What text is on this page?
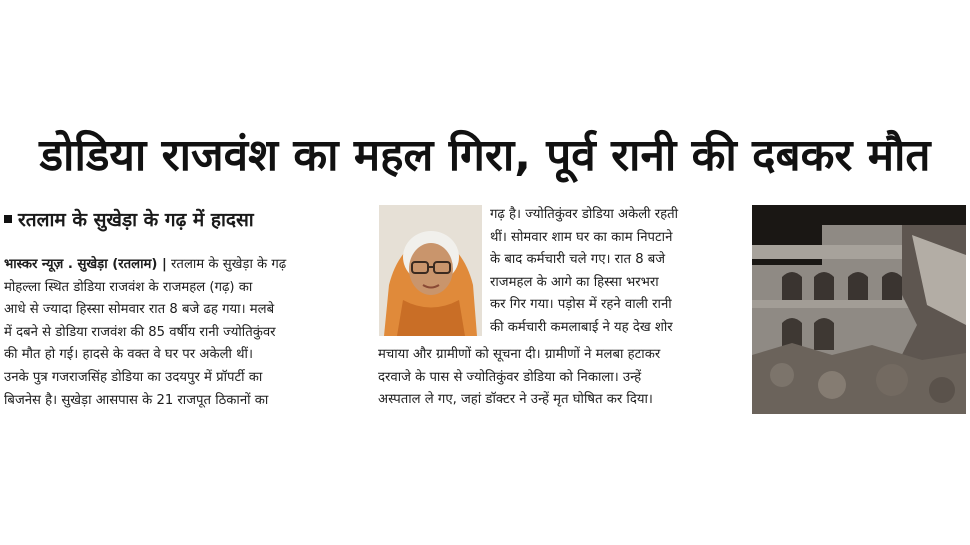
डोडिया राजवंश का महल गिरा, पूर्व रानी की दबकर मौत
रतलाम के सुखेड़ा के गढ़ में हादसा
भास्कर न्यूज़ . सुखेड़ा (रतलाम) | रतलाम के सुखेड़ा के गढ़
मोहल्ला स्थित डोडिया राजवंश के राजमहल (गढ़) का
आधे से ज्यादा हिस्सा सोमवार रात 8 बजे ढह गया। मलबे
में दबने से डोडिया राजवंश की 85 वर्षीय रानी ज्योतिकुंवर
की मौत हो गई। हादसे के वक्त वे घर पर अकेली थीं।
उनके पुत्र गजराजसिंह डोडिया का उदयपुर में प्रॉपर्टी का
बिजनेस है। सुखेड़ा आसपास के 21 राजपूत ठिकानों का
गढ़ है। ज्योतिकुंवर डोडिया अकेली रहती
थीं। सोमवार शाम घर का काम निपटाने
के बाद कर्मचारी चले गए। रात 8 बजे
राजमहल के आगे का हिस्सा भरभरा
कर गिर गया। पड़ोस में रहने वाली रानी
की कर्मचारी कमलाबाई ने यह देख शोर
मचाया और ग्रामीणों को सूचना दी। ग्रामीणों ने मलबा हटाकर
दरवाजे के पास से ज्योतिकुंवर डोडिया को निकाला। उन्हें
अस्पताल ले गए, जहां डॉक्टर ने उन्हें मृत घोषित कर दिया।
